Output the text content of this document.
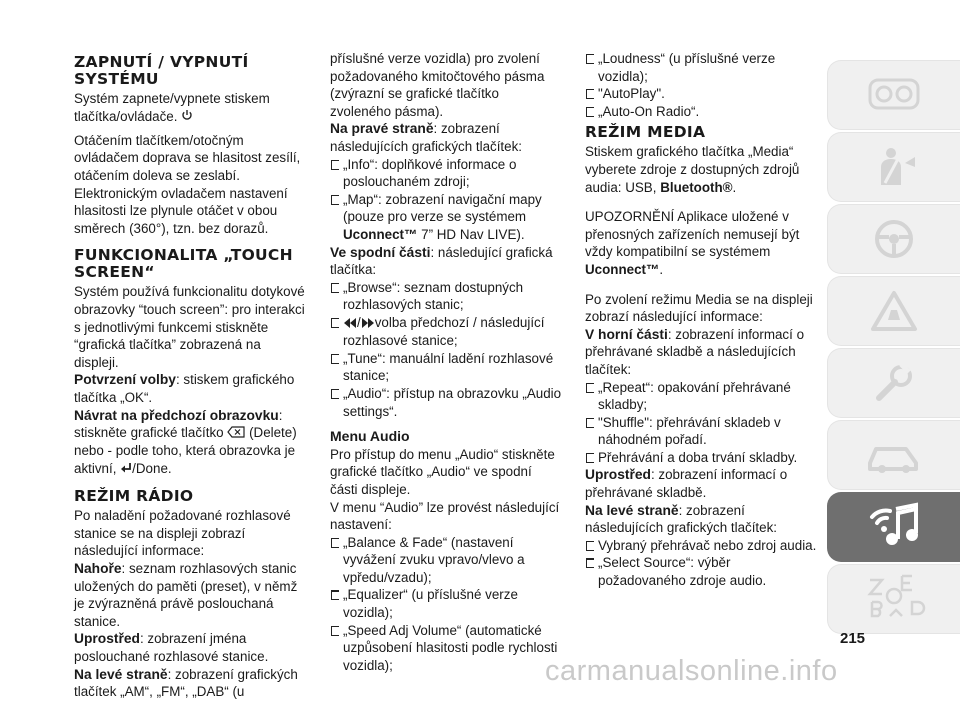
ZAPNUTÍ / VYPNUTÍ SYSTÉMU

Systém zapnete/vypnete stiskem tlačítka/ovládače.

Otáčením tlačítkem/otočným ovládačem doprava se hlasitost zesílí, otáčením doleva se zeslabí. Elektronickým ovladačem nastavení hlasitosti lze plynule otáčet v obou směrech (360°), tzn. bez dorazů.

FUNKCIONALITA „TOUCH SCREEN“

Systém používá funkcionalitu dotykové obrazovky “touch screen”: pro interakci s jednotlivými funkcemi stiskněte “grafická tlačítka” zobrazená na displeji.

Potvrzení volby: stiskem grafického tlačítka „OK“.

Návrat na předchozí obrazovku:

stiskněte grafické tlačítko (Delete) nebo - podle toho, která obrazovka je aktivní, /Done.

REŽIM RÁDIO

Po naladění požadované rozhlasové stanice se na displeji zobrazí následující informace:

Nahoře: seznam rozhlasových stanic uložených do paměti (preset), v němž je zvýrazněná právě poslouchaná stanice.

Uprostřed: zobrazení jména poslouchané rozhlasové stanice.

Na levé straně: zobrazení grafických tlačítek „AM“, „FM“, „DAB“ (u

příslušné verze vozidla) pro zvolení požadovaného kmitočtového pásma (zvýrazní se grafické tlačítko zvoleného pásma).

Na pravé straně: zobrazení následujících grafických tlačítek:

„Info“: doplňkové informace o poslouchaném zdroji;

„Map“: zobrazení navigační mapy (pouze pro verze se systémem
Uconnect™ 7” HD Nav LIVE).

Ve spodní části: následující grafická tlačítka:

„Browse“: seznam dostupných rozhlasových stanic;

/ volba předchozí / následující rozhlasové stanice;

„Tune“: manuální ladění rozhlasové stanice;

„Audio“: přístup na obrazovku „Audio settings“.

Menu Audio

Pro přístup do menu „Audio“ stiskněte grafické tlačítko „Audio“ ve spodní části displeje.

V menu “Audio” lze provést následující nastavení:

„Balance & Fade“ (nastavení vyvážení zvuku vpravo/vlevo a vpředu/vzadu);

„Equalizer“ (u příslušné verze vozidla);

„Speed Adj Volume“ (automatické uzpůsobení hlasitosti podle rychlosti vozidla);

„Loudness“ (u příslušné verze vozidla);

"AutoPlay".

„Auto-On Radio“.

REŽIM MEDIA

Stiskem grafického tlačítka „Media“ vyberete zdroje z dostupných zdrojů audia: USB, Bluetooth®.

UPOZORNĚNÍ Aplikace uložené v přenosných zařízeních nemusejí být vždy kompatibilní se systémem
Uconnect™.

Po zvolení režimu Media se na displeji zobrazí následující informace:

V horní části: zobrazení informací o přehrávané skladbě a následujících tlačítek:

„Repeat“: opakování přehrávané skladby;

"Shuffle": přehrávání skladeb v náhodném pořadí.

Přehrávání a doba trvání skladby.

Uprostřed: zobrazení informací o přehrávané skladbě.

Na levé straně: zobrazení následujících grafických tlačítek:

Vybraný přehrávač nebo zdroj audia.

„Select Source“: výběr požadovaného zdroje audio.

215
carmanualsonline.info
